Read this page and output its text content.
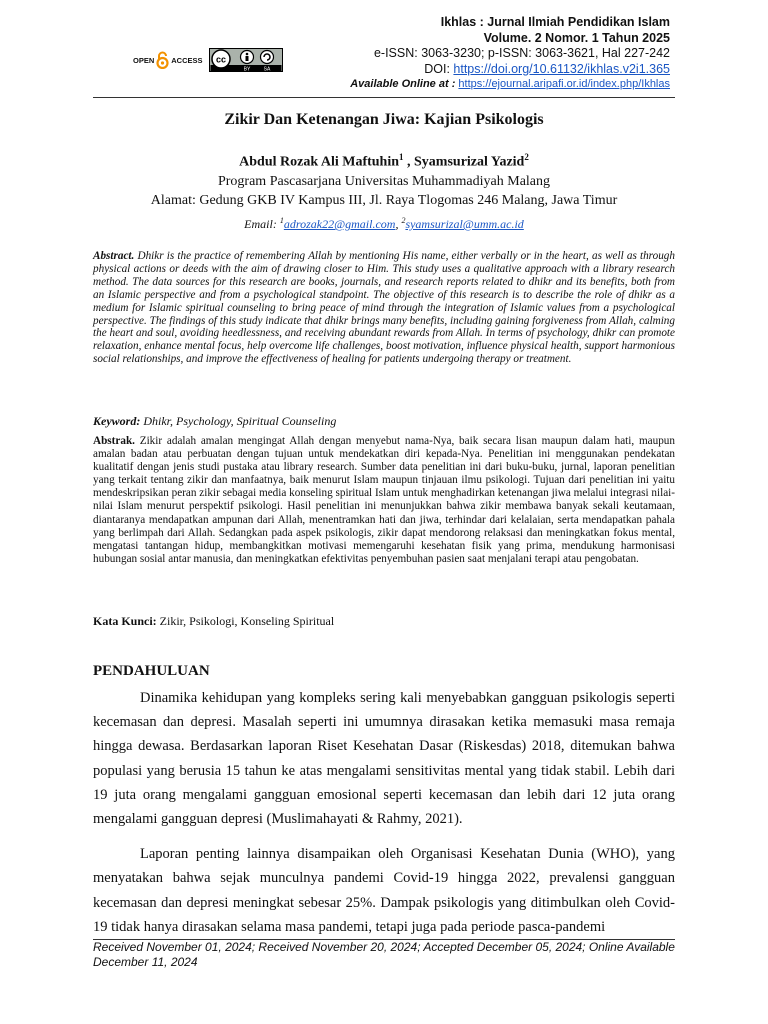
Ikhlas : Jurnal Ilmiah Pendidikan Islam
Volume. 2 Nomor. 1 Tahun 2025
e-ISSN: 3063-3230; p-ISSN: 3063-3621, Hal 227-242
DOI: https://doi.org/10.61132/ikhlas.v2i1.365
Available Online at : https://ejournal.aripafi.or.id/index.php/Ikhlas
OPEN ACCESS cc
BY	SA
Zikir Dan Ketenangan Jiwa: Kajian Psikologis
Abdul Rozak Ali Maftuhin$^1$ , Syamsurizal Yazid$^2$
Program Pascasarjana Universitas Muhammadiyah Malang
Alamat: Gedung GKB IV Kampus III, Jl. Raya Tlogomas 246 Malang, Jawa Timur
Email: $^1$adrozak22@gmail.com, $^2$syamsurizal@umm.ac.id
Abstract. Dhikr is the practice of remembering Allah by mentioning His name, either verbally or in the heart, as well as through physical actions or deeds with the aim of drawing closer to Him. This study uses a qualitative approach with a library research method. The data sources for this research are books, journals, and research reports related to dhikr and its benefits, both from an Islamic perspective and from a psychological standpoint. The objective of this research is to describe the role of dhikr as a medium for Islamic spiritual counseling to bring peace of mind through the integration of Islamic values from a psychological perspective. The findings of this study indicate that dhikr brings many benefits, including gaining forgiveness from Allah, calming the heart and soul, avoiding heedlessness, and receiving abundant rewards from Allah. In terms of psychology, dhikr can promote relaxation, enhance mental focus, help overcome life challenges, boost motivation, influence physical health, support harmonious social relationships, and improve the effectiveness of healing for patients undergoing therapy or treatment.
Keyword: Dhikr, Psychology, Spiritual Counseling
Abstrak. Zikir adalah amalan mengingat Allah dengan menyebut nama-Nya, baik secara lisan maupun dalam hati, maupun amalan badan atau perbuatan dengan tujuan untuk mendekatkan diri kepada-Nya. Penelitian ini menggunakan pendekatan kualitatif dengan jenis studi pustaka atau library research. Sumber data penelitian ini dari buku-buku, jurnal, laporan penelitian yang terkait tentang zikir dan manfaatnya, baik menurut Islam maupun tinjauan ilmu psikologi. Tujuan dari penelitian ini yaitu mendeskripsikan peran zikir sebagai media konseling spiritual Islam untuk menghadirkan ketenangan jiwa melalui integrasi nilai-nilai Islam menurut perspektif psikologi. Hasil penelitian ini menunjukkan bahwa zikir membawa banyak sekali keutamaan, diantaranya mendapatkan ampunan dari Allah, menentramkan hati dan jiwa, terhindar dari kelalaian, serta mendapatkan pahala yang berlimpah dari Allah. Sedangkan pada aspek psikologis, zikir dapat mendorong relaksasi dan meningkatkan fokus mental, mengatasi tantangan hidup, membangkitkan motivasi memengaruhi kesehatan fisik yang prima, mendukung harmonisasi hubungan sosial antar manusia, dan meningkatkan efektivitas penyembuhan pasien saat menjalani terapi atau pengobatan.
Kata Kunci: Zikir, Psikologi, Konseling Spiritual
PENDAHULUAN

Dinamika kehidupan yang kompleks sering kali menyebabkan gangguan psikologis seperti kecemasan dan depresi. Masalah seperti ini umumnya dirasakan ketika memasuki masa remaja hingga dewasa. Berdasarkan laporan Riset Kesehatan Dasar (Riskesdas) 2018, ditemukan bahwa populasi yang berusia 15 tahun ke atas mengalami sensitivitas mental yang tidak stabil. Lebih dari 19 juta orang mengalami gangguan emosional seperti kecemasan dan lebih dari 12 juta orang mengalami gangguan depresi (Muslimahayati & Rahmy, 2021).

Laporan penting lainnya disampaikan oleh Organisasi Kesehatan Dunia (WHO), yang menyatakan bahwa sejak munculnya pandemi Covid-19 hingga 2022, prevalensi gangguan kecemasan dan depresi meningkat sebesar 25%. Dampak psikologis yang ditimbulkan oleh Covid-19 tidak hanya dirasakan selama masa pandemi, tetapi juga pada periode pasca-pandemi

Received November 01, 2024; Received November 20, 2024; Accepted December 05, 2024; Online Available December 11, 2024
